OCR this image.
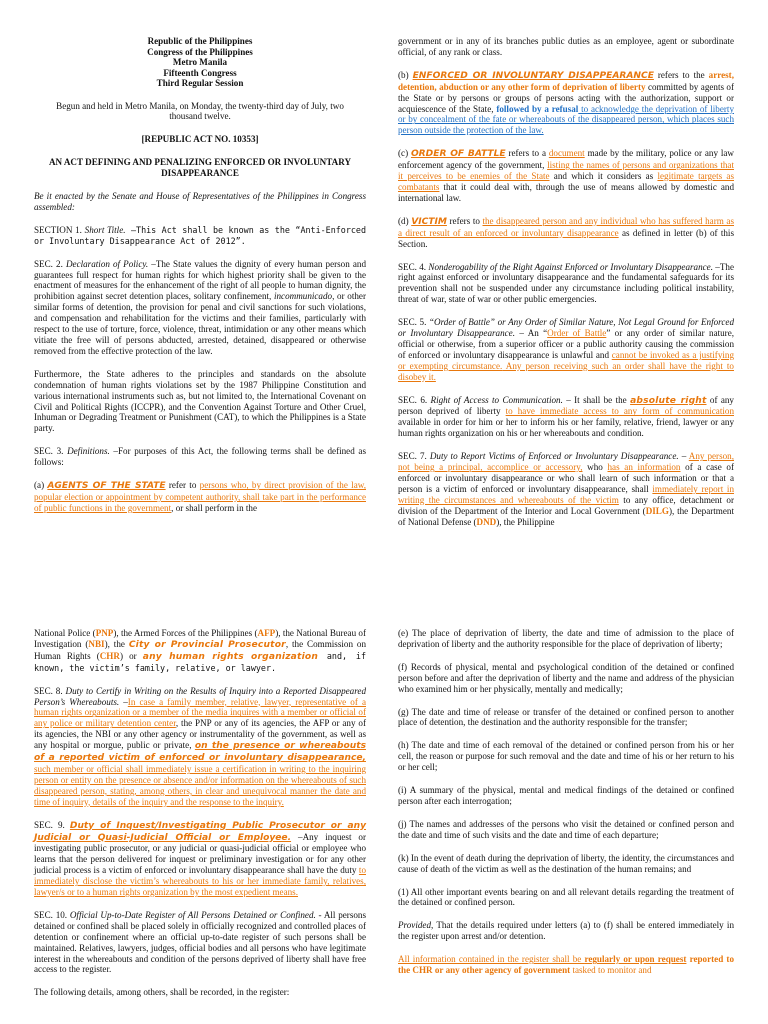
Republic of the Philippines
Congress of the Philippines
Metro Manila
Fifteenth Congress
Third Regular Session

Begun and held in Metro Manila, on Monday, the twenty-third day of July, two thousand twelve.

[REPUBLIC ACT NO. 10353]

AN ACT DEFINING AND PENALIZING ENFORCED OR INVOLUNTARY DISAPPEARANCE

Be it enacted by the Senate and House of Representatives of the Philippines in Congress assembled:

SECTION 1. Short Title. –This Act shall be known as the “Anti-Enforced or Involuntary Disappearance Act of 2012”.

SEC. 2. Declaration of Policy. –The State values the dignity of every human person and guarantees full respect for human rights for which highest priority shall be given to the enactment of measures for the enhancement of the right of all people to human dignity, the prohibition against secret detention places, solitary confinement, incommunicado, or other similar forms of detention, the provision for penal and civil sanctions for such violations, and compensation and rehabilitation for the victims and their families, particularly with respect to the use of torture, force, violence, threat, intimidation or any other means which vitiate the free will of persons abducted, arrested, detained, disappeared or otherwise removed from the effective protection of the law.

Furthermore, the State adheres to the principles and standards on the absolute condemnation of human rights violations set by the 1987 Philippine Constitution and various international instruments such as, but not limited to, the International Covenant on Civil and Political Rights (ICCPR), and the Convention Against Torture and Other Cruel, Inhuman or Degrading Treatment or Punishment (CAT), to which the Philippines is a State party.

SEC. 3. Definitions. –For purposes of this Act, the following terms shall be defined as follows:

(a) AGENTS OF THE STATE refer to persons who, by direct provision of the law, popular election or appointment by competent authority, shall take part in the performance of public functions in the government, or shall perform in the

government or in any of its branches public duties as an employee, agent or subordinate official, of any rank or class.

(b) ENFORCED OR INVOLUNTARY DISAPPEARANCE refers to the arrest, detention, abduction or any other form of deprivation of liberty committed by agents of the State or by persons or groups of persons acting with the authorization, support or acquiescence of the State, followed by a refusal to acknowledge the deprivation of liberty or by concealment of the fate or whereabouts of the disappeared person, which places such person outside the protection of the law.

(c) ORDER OF BATTLE refers to a document made by the military, police or any law enforcement agency of the government, listing the names of persons and organizations that it perceives to be enemies of the State and which it considers as legitimate targets as combatants that it could deal with, through the use of means allowed by domestic and international law.

(d) VICTIM refers to the disappeared person and any individual who has suffered harm as a direct result of an enforced or involuntary disappearance as defined in letter (b) of this Section.

SEC. 4. Nonderogability of the Right Against Enforced or Involuntary Disappearance. –The right against enforced or involuntary disappearance and the fundamental safeguards for its prevention shall not be suspended under any circumstance including political instability, threat of war, state of war or other public emergencies.

SEC. 5. “Order of Battle” or Any Order of Similar Nature, Not Legal Ground for Enforced or Involuntary Disappearance. – An “Order of Battle” or any order of similar nature, official or otherwise, from a superior officer or a public authority causing the commission of enforced or involuntary disappearance is unlawful and cannot be invoked as a justifying or exempting circumstance. Any person receiving such an order shall have the right to disobey it.

SEC. 6. Right of Access to Communication. – It shall be the absolute right of any person deprived of liberty to have immediate access to any form of communication available in order for him or her to inform his or her family, relative, friend, lawyer or any human rights organization on his or her whereabouts and condition.

SEC. 7. Duty to Report Victims of Enforced or Involuntary Disappearance. – Any person, not being a principal, accomplice or accessory, who has an information of a case of enforced or involuntary disappearance or who shall learn of such information or that a person is a victim of enforced or involuntary disappearance, shall immediately report in writing the circumstances and whereabouts of the victim to any office, detachment or division of the Department of the Interior and Local Government (DILG), the Department of National Defense (DND), the Philippine

National Police (PNP), the Armed Forces of the Philippines (AFP), the National Bureau of Investigation (NBI), the City or Provincial Prosecutor, the Commission on Human Rights (CHR) or any human rights organization and, if known, the victim’s family, relative, or lawyer.

SEC. 8. Duty to Certify in Writing on the Results of Inquiry into a Reported Disappeared Person’s Whereabouts. –In case a family member, relative, lawyer, representative of a human rights organization or a member of the media inquires with a member or official of any police or military detention center, the PNP or any of its agencies, the AFP or any of its agencies, the NBI or any other agency or instrumentality of the government, as well as any hospital or morgue, public or private, on the presence or whereabouts of a reported victim of enforced or involuntary disappearance, such member or official shall immediately issue a certification in writing to the inquiring person or entity on the presence or absence and/or information on the whereabouts of such disappeared person, stating, among others, in clear and unequivocal manner the date and time of inquiry, details of the inquiry and the response to the inquiry.

SEC. 9. Duty of Inquest/Investigating Public Prosecutor or any Judicial or Quasi-Judicial Official or Employee. –Any inquest or investigating public prosecutor, or any judicial or quasi-judicial official or employee who learns that the person delivered for inquest or preliminary investigation or for any other judicial process is a victim of enforced or involuntary disappearance shall have the duty to immediately disclose the victim’s whereabouts to his or her immediate family, relatives, lawyer/s or to a human rights organization by the most expedient means.

SEC. 10. Official Up-to-Date Register of All Persons Detained or Confined. - All persons detained or confined shall be placed solely in officially recognized and controlled places of detention or confinement where an official up-to-date register of such persons shall be maintained. Relatives, lawyers, judges, official bodies and all persons who have legitimate interest in the whereabouts and condition of the persons deprived of liberty shall have free access to the register.

The following details, among others, shall be recorded, in the register:

(e) The place of deprivation of liberty, the date and time of admission to the place of deprivation of liberty and the authority responsible for the place of deprivation of liberty;

(f) Records of physical, mental and psychological condition of the detained or confined person before and after the deprivation of liberty and the name and address of the physician who examined him or her physically, mentally and medically;

(g) The date and time of release or transfer of the detained or confined person to another place of detention, the destination and the authority responsible for the transfer;

(h) The date and time of each removal of the detained or confined person from his or her cell, the reason or purpose for such removal and the date and time of his or her return to his or her cell;

(i) A summary of the physical, mental and medical findings of the detained or confined person after each interrogation;

(j) The names and addresses of the persons who visit the detained or confined person and the date and time of such visits and the date and time of each departure;

(k) In the event of death during the deprivation of liberty, the identity, the circumstances and cause of death of the victim as well as the destination of the human remains; and

(1) All other important events bearing on and all relevant details regarding the treatment of the detained or confined person.

Provided, That the details required under letters (a) to (f) shall be entered immediately in the register upon arrest and/or detention.

All information contained in the register shall be regularly or upon request reported to the CHR or any other agency of government tasked to monitor and
